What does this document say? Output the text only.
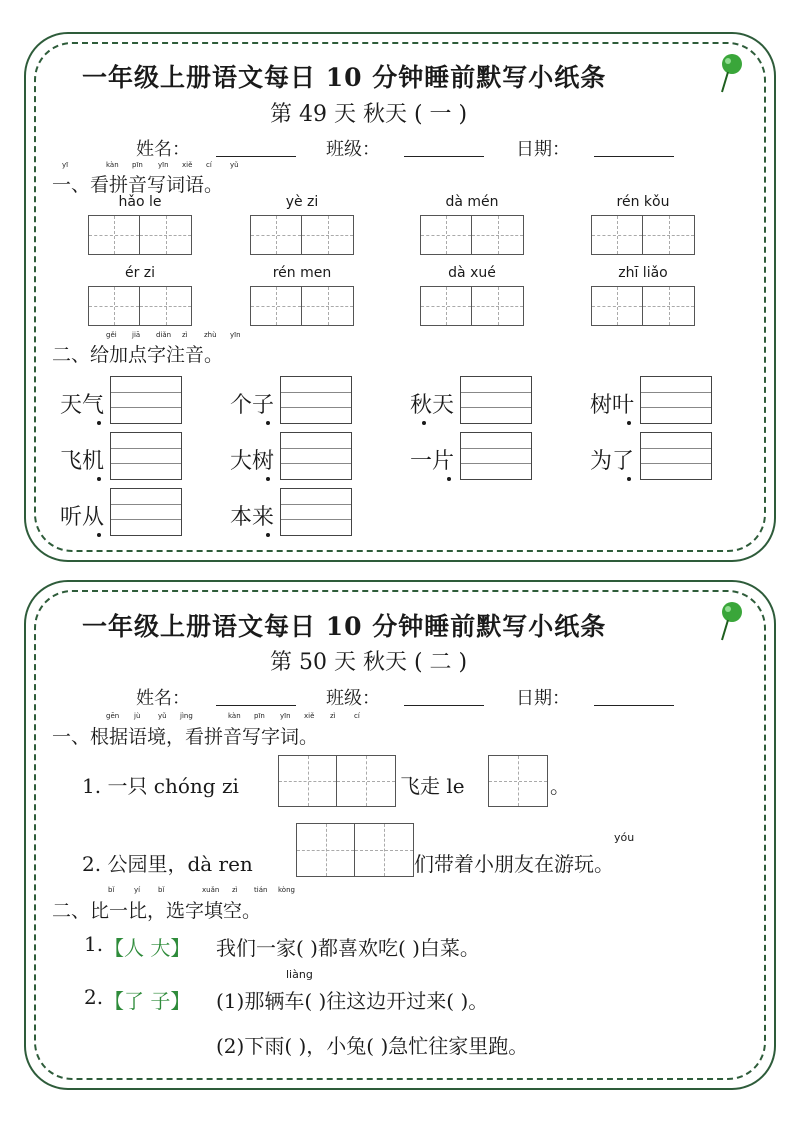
一年级上册语文每日 10 分钟睡前默写小纸条
第 49 天 秋天 ( 一 )
姓名：	班级：	日期：
yī	kàn pīn yīn xiě cí	yǔ
一、看拼音写词语。
hǎo le	yè zi	dà mén	rén kǒu
ér zi	rén men	dà xué	zhī liǎo
gěi jiā diǎn zì zhù yīn
二、给加点字注音。
天气	个子	秋天	树叶
飞机	大树	一片	为了
听从	本来
一年级上册语文每日 10 分钟睡前默写小纸条
第 50 天 秋天 ( 二 )
姓名：	班级：	日期：
gēn jù	yǔ jìng	kàn pīn yīn xiě zì	cí
一、根据语境，看拼音写字词。
1. 一只 chóng zi	飞走 le	。
2. 公园里，dà ren
yóu
们带着小朋友在游玩。
bǐ	yí	bǐ	xuǎn zì tián kòng
二、比一比，选字填空。
1. 【人 大】 我们一家( )都喜欢吃( )白菜。
liàng
2. 【了 子】 (1)那辆车( )往这边开过来( )。
(2)下雨( )，小兔( )急忙往家里跑。
